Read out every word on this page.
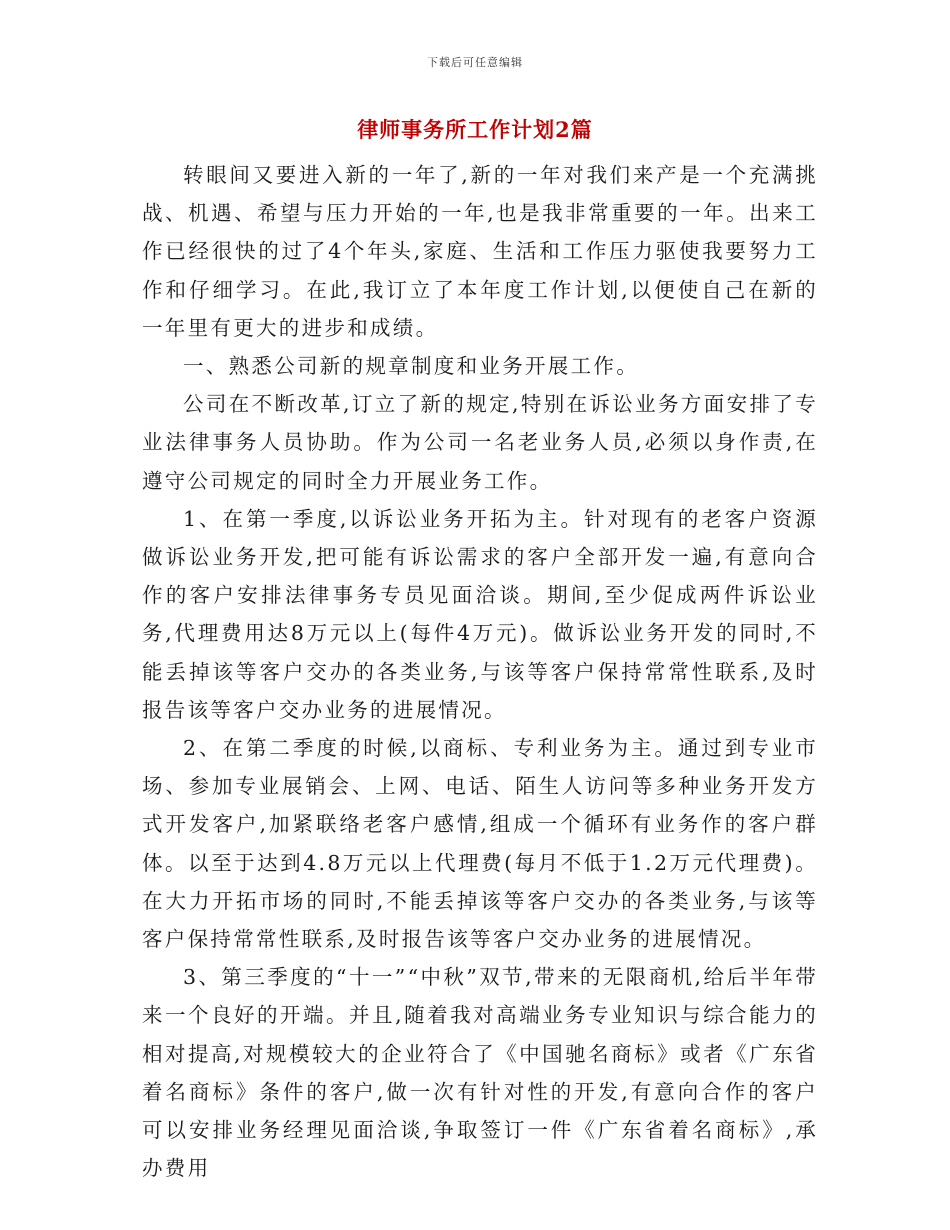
下载后可任意编辑
律师事务所工作计划2篇

转眼间又要进入新的一年了,新的一年对我们来产是一个充满挑战、机遇、希望与压力开始的一年,也是我非常重要的一年。出来工作已经很快的过了4个年头,家庭、生活和工作压力驱使我要努力工作和仔细学习。在此,我订立了本年度工作计划,以便使自己在新的一年里有更大的进步和成绩。

一、熟悉公司新的规章制度和业务开展工作。

公司在不断改革,订立了新的规定,特别在诉讼业务方面安排了专业法律事务人员协助。作为公司一名老业务人员,必须以身作责,在遵守公司规定的同时全力开展业务工作。

1、在第一季度,以诉讼业务开拓为主。针对现有的老客户资源做诉讼业务开发,把可能有诉讼需求的客户全部开发一遍,有意向合作的客户安排法律事务专员见面洽谈。期间,至少促成两件诉讼业务,代理费用达8万元以上(每件4万元)。做诉讼业务开发的同时,不能丢掉该等客户交办的各类业务,与该等客户保持常常性联系,及时报告该等客户交办业务的进展情况。

2、在第二季度的时候,以商标、专利业务为主。通过到专业市场、参加专业展销会、上网、电话、陌生人访问等多种业务开发方式开发客户,加紧联络老客户感情,组成一个循环有业务作的客户群体。以至于达到4.8万元以上代理费(每月不低于1.2万元代理费)。在大力开拓市场的同时,不能丢掉该等客户交办的各类业务,与该等客户保持常常性联系,及时报告该等客户交办业务的进展情况。

3、第三季度的“十一”“中秋”双节,带来的无限商机,给后半年带来一个良好的开端。并且,随着我对高端业务专业知识与综合能力的相对提高,对规模较大的企业符合了《中国驰名商标》或者《广东省着名商标》条件的客户,做一次有针对性的开发,有意向合作的客户可以安排业务经理见面洽谈,争取签订一件《广东省着名商标》,承办费用
